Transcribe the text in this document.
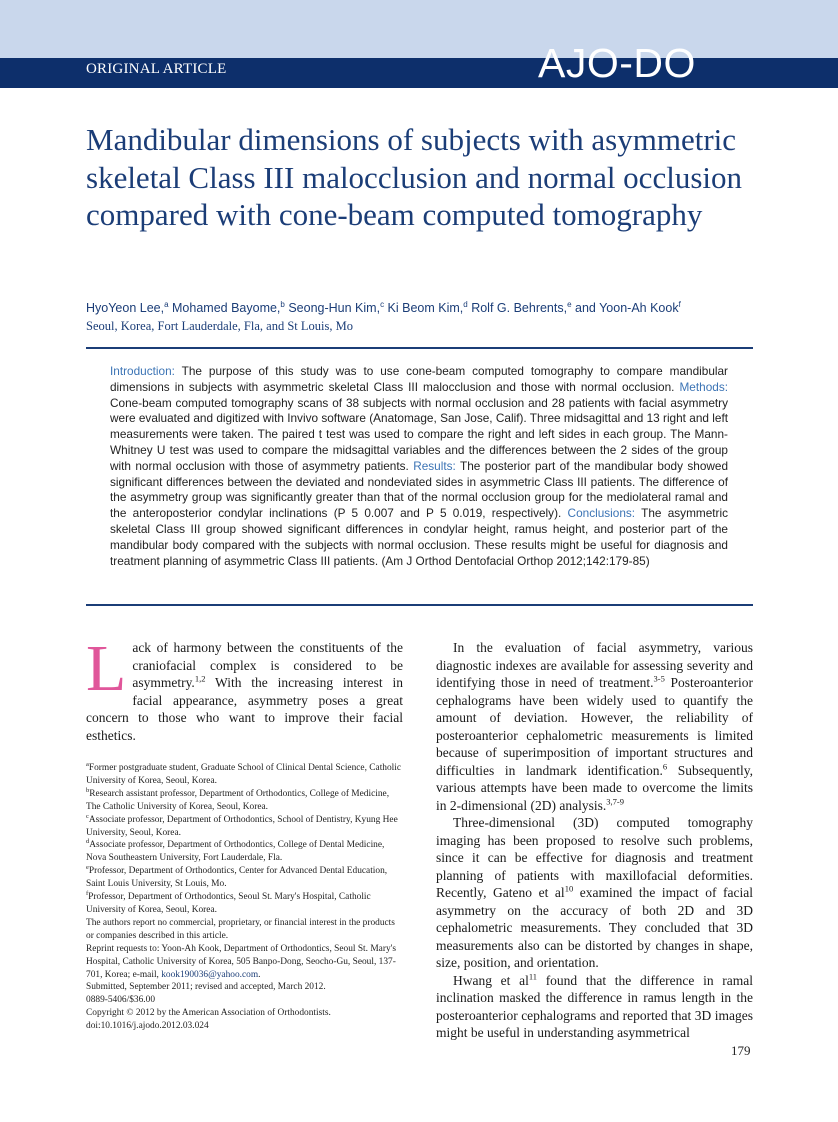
ORIGINAL ARTICLE	AJO-DO
Mandibular dimensions of subjects with asymmetric skeletal Class III malocclusion and normal occlusion compared with cone-beam computed tomography
HyoYeon Lee,$^a$ Mohamed Bayome,$^b$ Seong-Hun Kim,$^c$ Ki Beom Kim,$^d$ Rolf G. Behrents,$^e$ and Yoon-Ah Kook$^f$
Seoul, Korea, Fort Lauderdale, Fla, and St Louis, Mo
Introduction: The purpose of this study was to use cone-beam computed tomography to compare mandibular dimensions in subjects with asymmetric skeletal Class III malocclusion and those with normal occlusion. Methods: Cone-beam computed tomography scans of 38 subjects with normal occlusion and 28 patients with facial asymmetry were evaluated and digitized with Invivo software (Anatomage, San Jose, Calif). Three midsagittal and 13 right and left measurements were taken. The paired t test was used to compare the right and left sides in each group. The Mann-Whitney U test was used to compare the midsagittal variables and the differences between the 2 sides of the group with normal occlusion with those of asymmetry patients. Results: The posterior part of the mandibular body showed significant differences between the deviated and nondeviated sides in asymmetric Class III patients. The difference of the asymmetry group was significantly greater than that of the normal occlusion group for the mediolateral ramal and the anteroposterior condylar inclinations (P 5 0.007 and P 5 0.019, respectively). Conclusions: The asymmetric skeletal Class III group showed significant differences in condylar height, ramus height, and posterior part of the mandibular body compared with the subjects with normal occlusion. These results might be useful for diagnosis and treatment planning of asymmetric Class III patients. (Am J Orthod Dentofacial Orthop 2012;142:179-85)

Lack of harmony between the constituents of the craniofacial complex is considered to be asymmetry.$^{1,2}$ With the increasing interest in facial appearance, asymmetry poses a great concern to those who want to improve their facial esthetics.

$^a$Former postgraduate student, Graduate School of Clinical Dental Science, Catholic University of Korea, Seoul, Korea.
$^b$Research assistant professor, Department of Orthodontics, College of Medicine, The Catholic University of Korea, Seoul, Korea.
$^c$Associate professor, Department of Orthodontics, School of Dentistry, Kyung Hee University, Seoul, Korea.
$^d$Associate professor, Department of Orthodontics, College of Dental Medicine, Nova Southeastern University, Fort Lauderdale, Fla.
$^e$Professor, Department of Orthodontics, Center for Advanced Dental Education, Saint Louis University, St Louis, Mo.
$^f$Professor, Department of Orthodontics, Seoul St. Mary's Hospital, Catholic University of Korea, Seoul, Korea.
The authors report no commercial, proprietary, or financial interest in the products or companies described in this article.
Reprint requests to: Yoon-Ah Kook, Department of Orthodontics, Seoul St. Mary's Hospital, Catholic University of Korea, 505 Banpo-Dong, Seocho-Gu, Seoul, 137-701, Korea; e-mail, kook190036@yahoo.com.
Submitted, September 2011; revised and accepted, March 2012.
0889-5406/$36.00
Copyright © 2012 by the American Association of Orthodontists.
doi:10.1016/j.ajodo.2012.03.024

In the evaluation of facial asymmetry, various diagnostic indexes are available for assessing severity and identifying those in need of treatment.$^{3-5}$ Posteroanterior cephalograms have been widely used to quantify the amount of deviation. However, the reliability of posteroanterior cephalometric measurements is limited because of superimposition of important structures and difficulties in landmark identification.$^6$ Subsequently, various attempts have been made to overcome the limits in 2-dimensional (2D) analysis.$^{3,7-9}$

Three-dimensional (3D) computed tomography imaging has been proposed to resolve such problems, since it can be effective for diagnosis and treatment planning of patients with maxillofacial deformities. Recently, Gateno et $al^{10}$ examined the impact of facial asymmetry on the accuracy of both 2D and 3D cephalometric measurements. They concluded that 3D measurements also can be distorted by changes in shape, size, position, and orientation.

Hwang et $al^{11}$ found that the difference in ramal inclination masked the difference in ramus length in the posteroanterior cephalograms and reported that 3D images might be useful in understanding asymmetrical

179
